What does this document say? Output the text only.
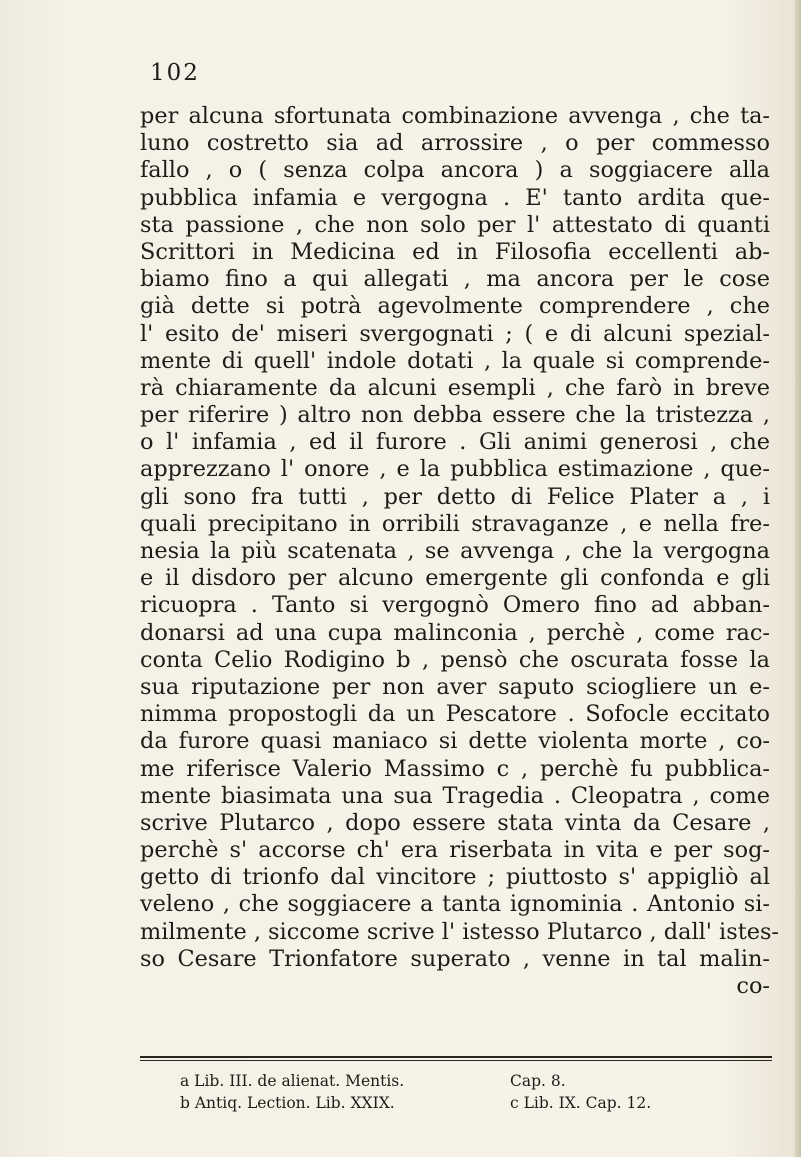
102
per alcuna sfortunata combinazione avvenga , che ta-
luno costretto sia ad arrossire , o per commesso
fallo , o ( senza colpa ancora ) a soggiacere alla
pubblica infamia e vergogna . E' tanto ardita que-
sta passione , che non solo per l' attestato di quanti
Scrittori in Medicina ed in Filosofia eccellenti ab-
biamo fino a qui allegati , ma ancora per le cose
già dette si potrà agevolmente comprendere , che
l' esito de' miseri svergognati ; ( e di alcuni spezial-
mente di quell' indole dotati , la quale si comprende-
rà chiaramente da alcuni esempli , che farò in breve
per riferire ) altro non debba essere che la tristezza ,
o l' infamia , ed il furore . Gli animi generosi , che
apprezzano l' onore , e la pubblica estimazione , que-
gli sono fra tutti , per detto di Felice Plater a , i
quali precipitano in orribili stravaganze , e nella fre-
nesia la più scatenata , se avvenga , che la vergogna
e il disdoro per alcuno emergente gli confonda e gli
ricuopra . Tanto si vergognò Omero fino ad abban-
donarsi ad una cupa malinconia , perchè , come rac-
conta Celio Rodigino b , pensò che oscurata fosse la
sua riputazione per non aver saputo sciogliere un e-
nimma propostogli da un Pescatore . Sofocle eccitato
da furore quasi maniaco si dette violenta morte , co-
me riferisce Valerio Massimo c , perchè fu pubblica-
mente biasimata una sua Tragedia . Cleopatra , come
scrive Plutarco , dopo essere stata vinta da Cesare ,
perchè s' accorse ch' era riserbata in vita e per sog-
getto di trionfo dal vincitore ; piuttosto s' appigliò al
veleno , che soggiacere a tanta ignominia . Antonio si-
milmente , siccome scrive l' istesso Plutarco , dall' istes-
so Cesare Trionfatore superato , venne in tal malin-
co-
a Lib. III. de alienat. Mentis.	Cap. 8.
b Antiq. Lection. Lib. XXIX.	c Lib. IX. Cap. 12.
